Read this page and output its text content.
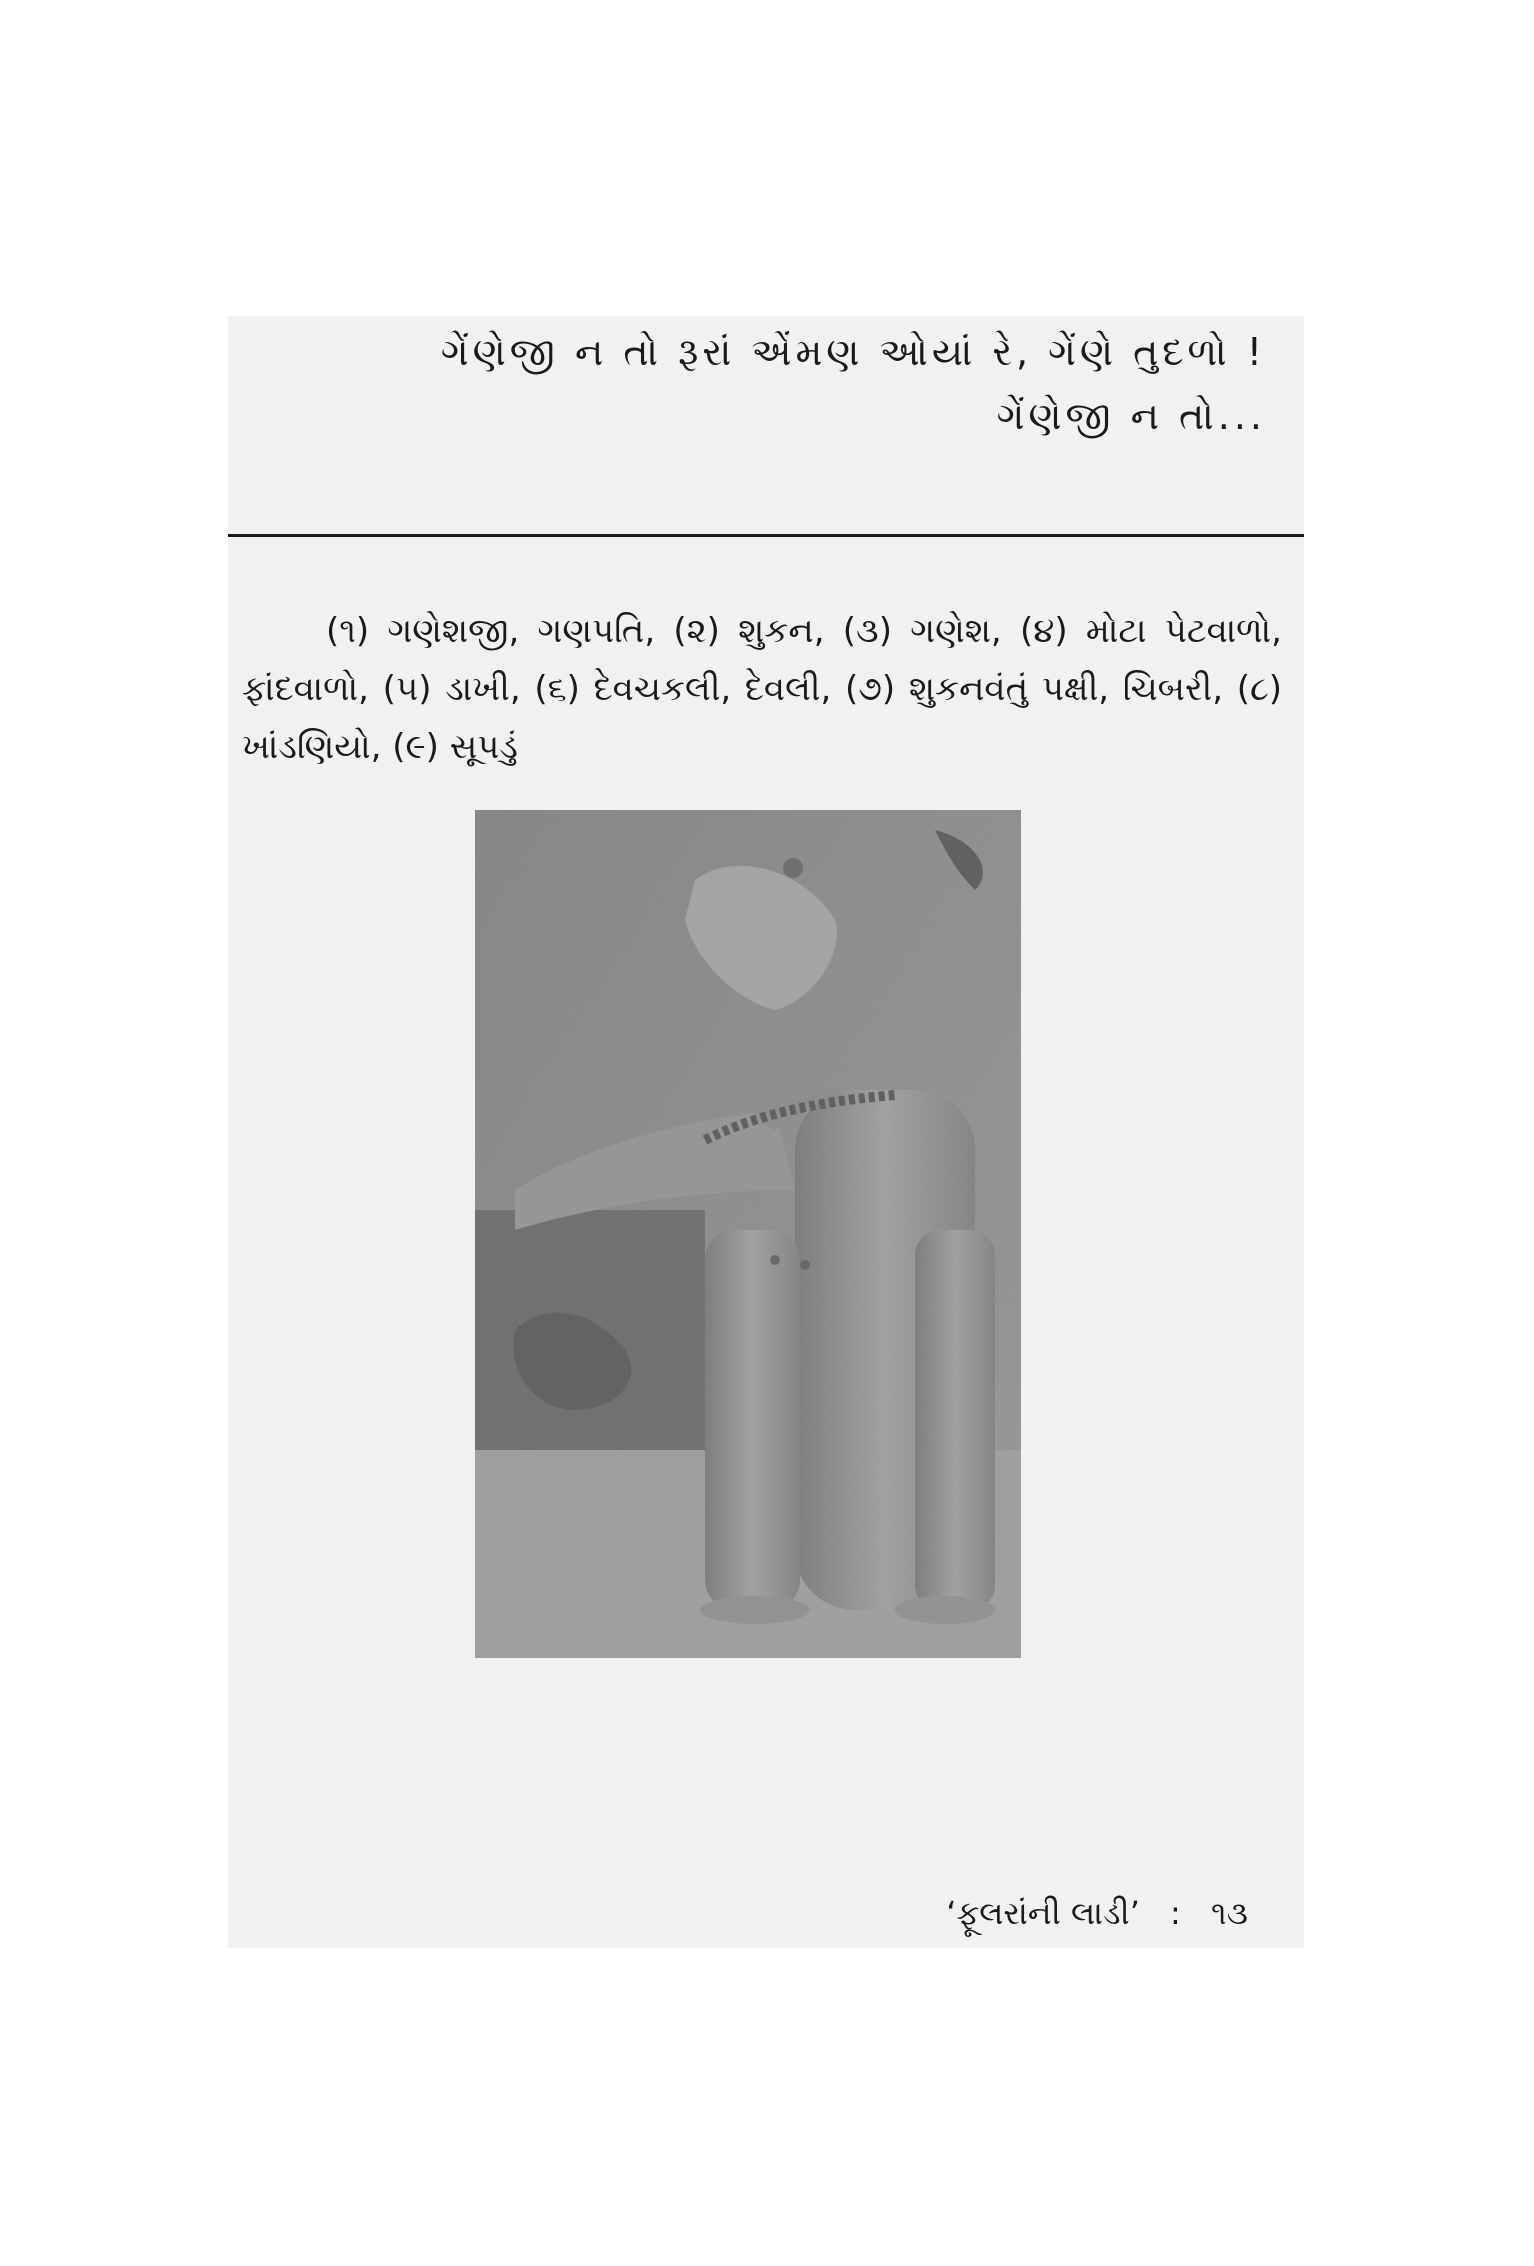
ગેંણેજી ન તો રૂરાં એંમણ ઓયાં રે, ગેંણે તુદળો !
ગેંણેજી ન તો...

(૧) ગણેશજી, ગણપતિ, (૨) શુકન, (૩) ગણેશ, (૪) મોટા પેટવાળો, ફાંદવાળો, (૫) ડાખી, (૬) દેવચકલી, દેવલી, (૭) શુકનવંતું પક્ષી, ચિબરી, (૮) ખાંડણિયો, (૯) સૂપડું

‘ફૂલરાંની લાડી’ : ૧૩
